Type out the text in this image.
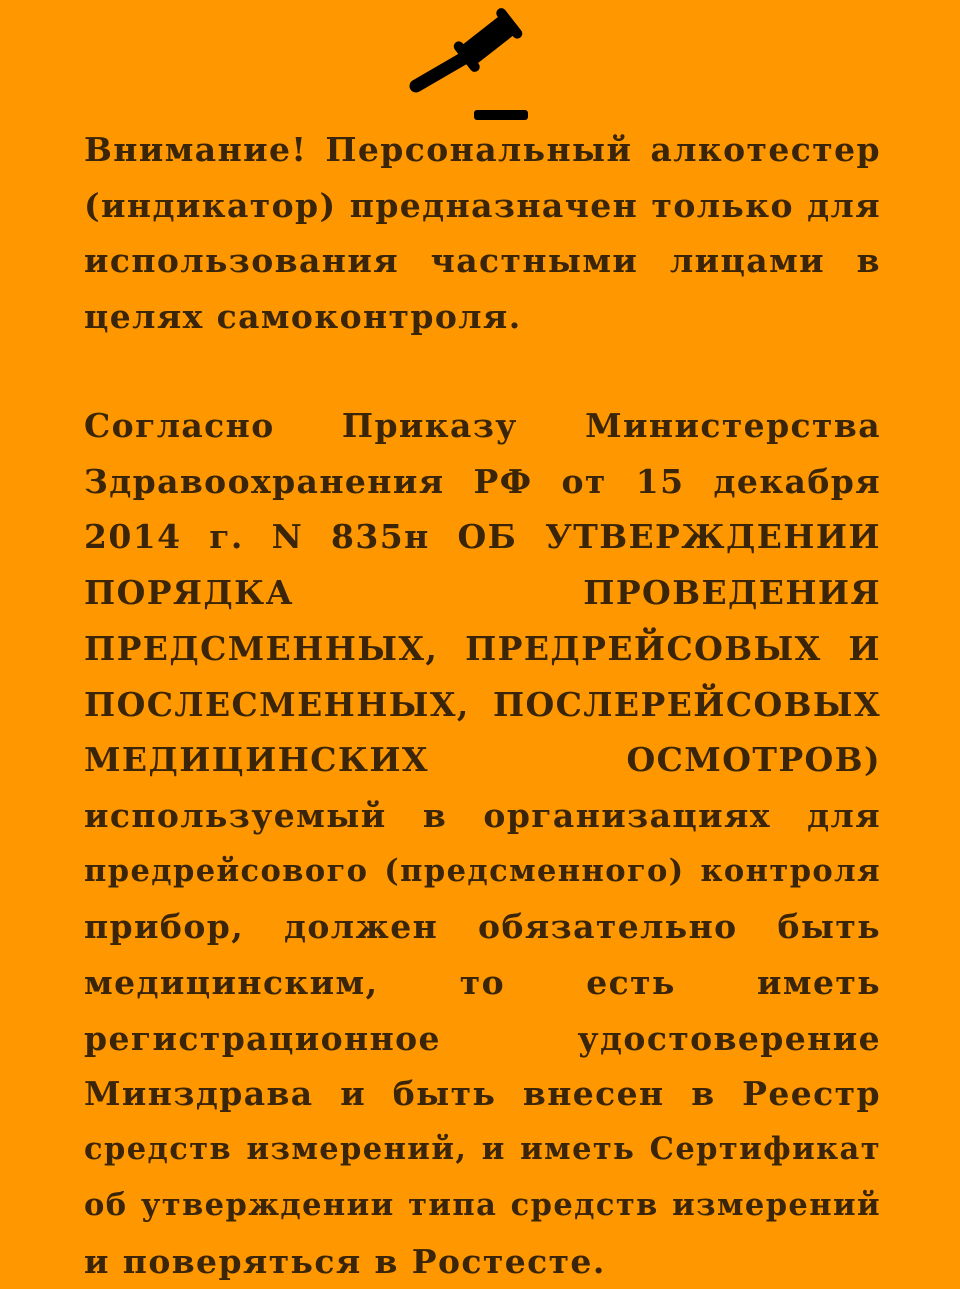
Внимание! Персональный алкотестер
(индикатор) предназначен только для
использования частными лицами в
целях самоконтроля.
Согласно Приказу Министерства
Здравоохранения РФ от 15 декабря
2014 г. N 835н ОБ УТВЕРЖДЕНИИ
ПОРЯДКА ПРОВЕДЕНИЯ
ПРЕДСМЕННЫХ, ПРЕДРЕЙСОВЫХ И
ПОСЛЕСМЕННЫХ, ПОСЛЕРЕЙСОВЫХ
МЕДИЦИНСКИХ ОСМОТРОВ)
используемый в организациях для
предрейсового (предсменного) контроля
прибор, должен обязательно быть
медицинским, то есть иметь
регистрационное удостоверение
Минздрава и быть внесен в Реестр
средств измерений, и иметь Сертификат
об утверждении типа средств измерений
и поверяться в Ростесте.
